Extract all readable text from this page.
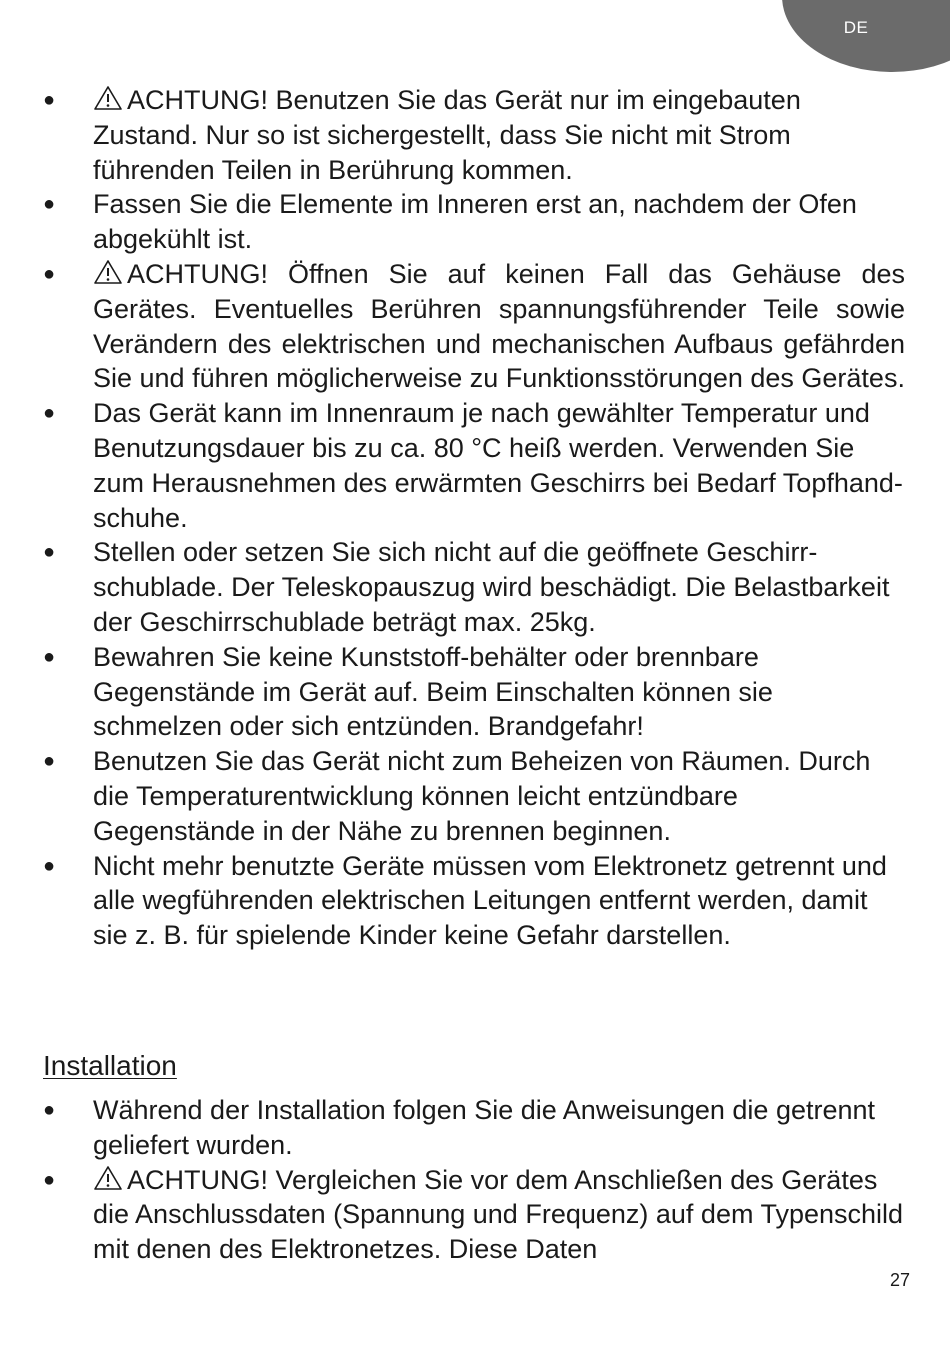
DE
●	ACHTUNG! Benutzen Sie das Gerät nur im eingebauten Zustand. Nur so ist sichergestellt, dass Sie nicht mit Strom führenden Teilen in Berührung kommen.
● Fassen Sie die Elemente im Inneren erst an, nachdem der Ofen abgekühlt ist.
●	ACHTUNG! Öffnen Sie auf keinen Fall das Gehäuse des Gerätes. Eventuelles Berühren spannungsführender Teile sowie Verändern des elektrischen und mechanischen Aufbaus gefährden Sie und führen möglicherweise zu Funktionsstörungen des Gerätes.
● Das Gerät kann im Innenraum je nach gewählter Temperatur und Benutzungsdauer bis zu ca. 80 °C heiß werden. Verwenden Sie zum Herausnehmen des erwärmten Geschirrs bei Bedarf Topfhand-schuhe.
● Stellen oder setzen Sie sich nicht auf die geöffnete Geschirr-schublade. Der Teleskopauszug wird beschädigt. Die Belastbarkeit der Geschirrschublade beträgt max. 25kg.
● Bewahren Sie keine Kunststoff-behälter oder brennbare Gegenstände im Gerät auf. Beim Einschalten können sie schmelzen oder sich entzünden. Brandgefahr!
● Benutzen Sie das Gerät nicht zum Beheizen von Räumen. Durch die Temperaturentwicklung können leicht entzündbare Gegenstände in der Nähe zu brennen beginnen.
● Nicht mehr benutzte Geräte müssen vom Elektronetz getrennt und alle wegführenden elektrischen Leitungen entfernt werden, damit sie z. B. für spielende Kinder keine Gefahr darstellen.
Installation
● Während der Installation folgen Sie die Anweisungen die getrennt geliefert wurden.
●	ACHTUNG! Vergleichen Sie vor dem Anschließen des Gerätes die Anschlussdaten (Spannung und Frequenz) auf dem Typenschild mit denen des Elektronetzes. Diese Daten
27
